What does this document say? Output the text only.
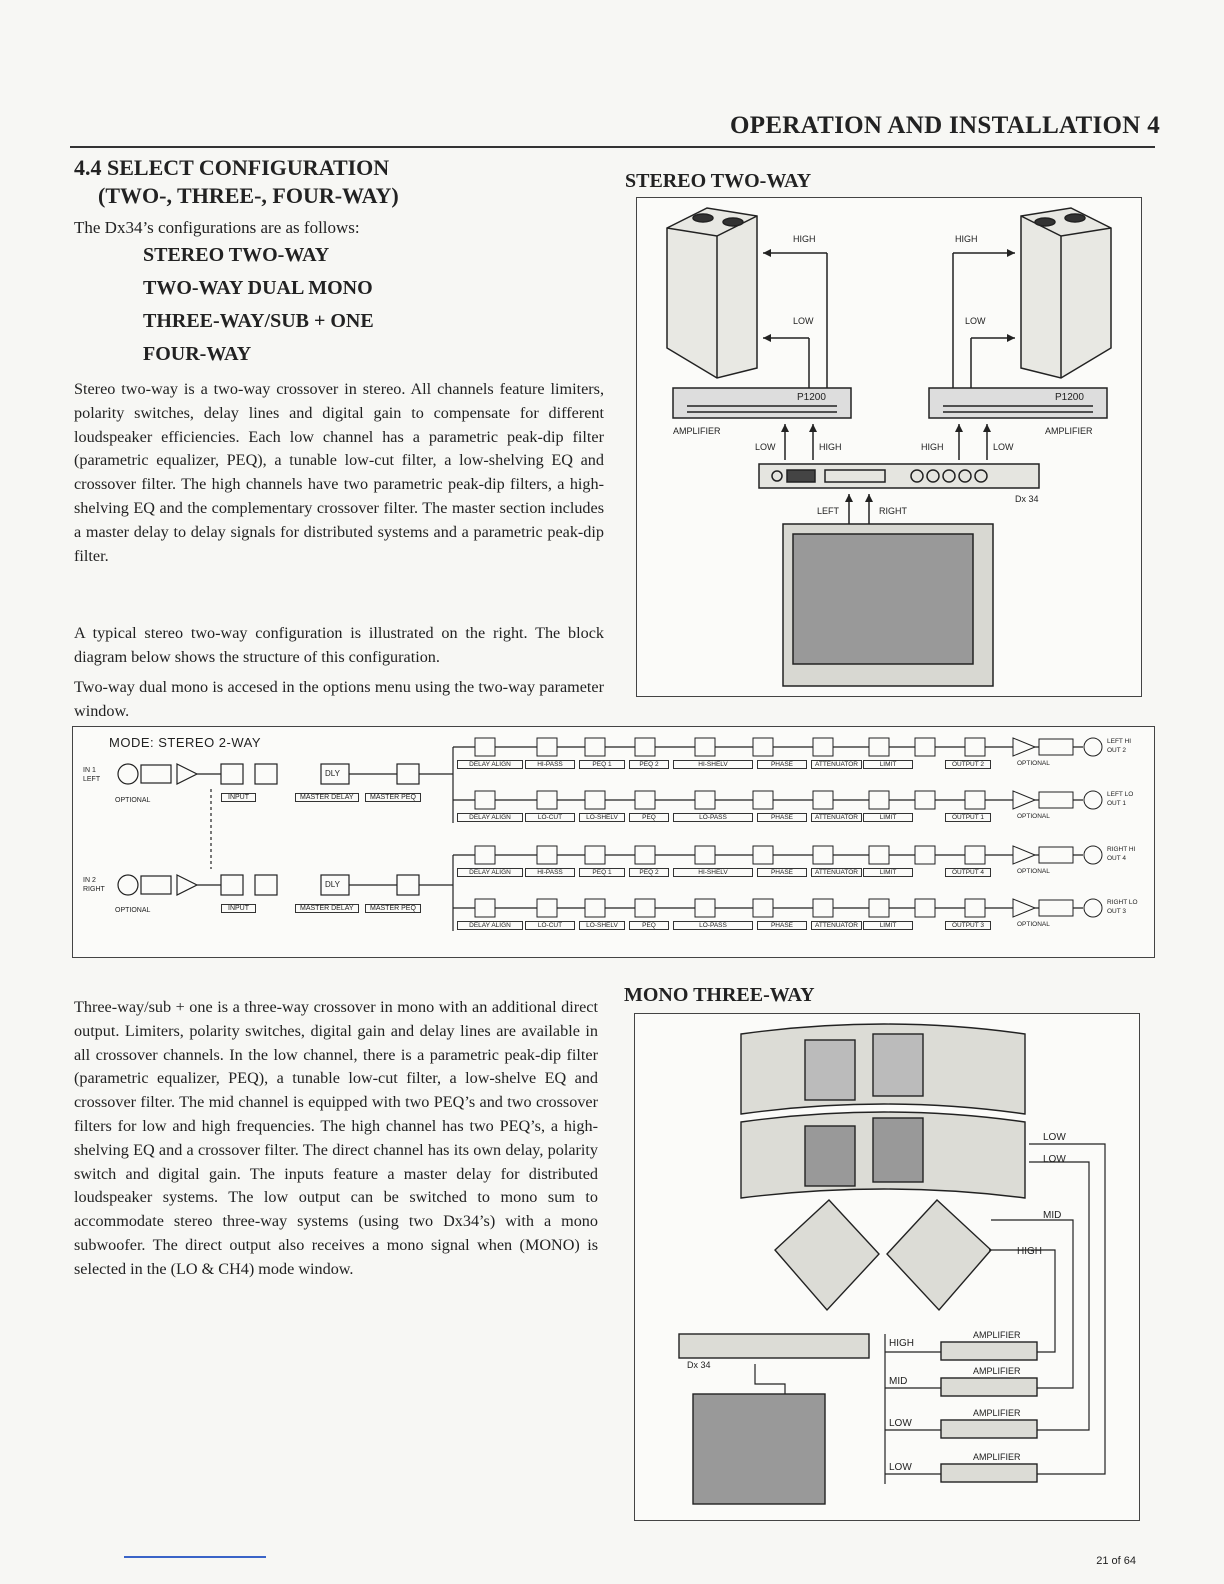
OPERATION AND INSTALLATION 4
4.4 SELECT CONFIGURATION
(TWO-, THREE-, FOUR-WAY)
The Dx34’s configurations are as follows:
STEREO TWO-WAY
TWO-WAY DUAL MONO
THREE-WAY/SUB + ONE
FOUR-WAY
Stereo two-way is a two-way crossover in stereo. All channels feature limiters, polarity switches, delay lines and digital gain to compensate for different loudspeaker efficiencies. Each low channel has a parametric peak-dip filter (parametric equalizer, PEQ), a tunable low-cut filter, a low-shelving EQ and crossover filter. The high channels have two parametric peak-dip filters, a high-shelving EQ and the complementary crossover filter. The master section includes a master delay to delay signals for distributed systems and a parametric peak-dip filter.
A typical stereo two-way configuration is illustrated on the right. The block diagram below shows the structure of this configuration.
Two-way dual mono is accesed in the options menu using the two-way parameter window.
STEREO TWO-WAY
HIGH	HIGH
LOW	LOW
P1200	P1200
AMPLIFIER	AMPLIFIER
LOW	HIGH	HIGH	LOW
Dx 34
LEFT	RIGHT
MODE: STEREO 2-WAY
IN 1
LEFT
IN 2
RIGHT
OPTIONAL
OPTIONAL
INPUT
INPUT
DLY
DLY
MASTER DELAY	MASTER PEQ
MASTER DELAY	MASTER PEQ
DELAY ALIGN	HI-PASS	PEQ 1	PEQ 2	HI-SHELV	PHASE	ATTENUATOR	LIMIT	OUTPUT 2	OPTIONAL
LEFT HI
OUT 2
DELAY ALIGN	LO-CUT	LO-SHELV	PEQ	LO-PASS	PHASE	ATTENUATOR	LIMIT	OUTPUT 1	OPTIONAL
LEFT LO
OUT 1
DELAY ALIGN	HI-PASS	PEQ 1	PEQ 2	HI-SHELV	PHASE	ATTENUATOR	LIMIT	OUTPUT 4	OPTIONAL
RIGHT HI
OUT 4
DELAY ALIGN	LO-CUT	LO-SHELV	PEQ	LO-PASS	PHASE	ATTENUATOR	LIMIT	OUTPUT 3	OPTIONAL
RIGHT LO
OUT 3
Three-way/sub + one is a three-way crossover in mono with an additional direct output. Limiters, polarity switches, digital gain and delay lines are available in all crossover channels. In the low channel, there is a parametric peak-dip filter (parametric equalizer, PEQ), a tunable low-cut filter, a low-shelve EQ and crossover filter. The mid channel is equipped with two PEQ’s and two crossover filters for low and high frequencies. The high channel has two PEQ’s, a high-shelving EQ and a crossover filter. The direct channel has its own delay, polarity switch and digital gain. The inputs feature a master delay for distributed loudspeaker systems. The low output can be switched to mono sum to accommodate stereo three-way systems (using two Dx34’s) with a mono subwoofer. The direct output also receives a mono signal when (MONO) is selected in the (LO & CH4) mode window.
MONO THREE-WAY
LOW
LOW
MID
HIGH
Dx 34
HIGH
MID
LOW
LOW
AMPLIFIER
AMPLIFIER
AMPLIFIER
AMPLIFIER
21 of 64
